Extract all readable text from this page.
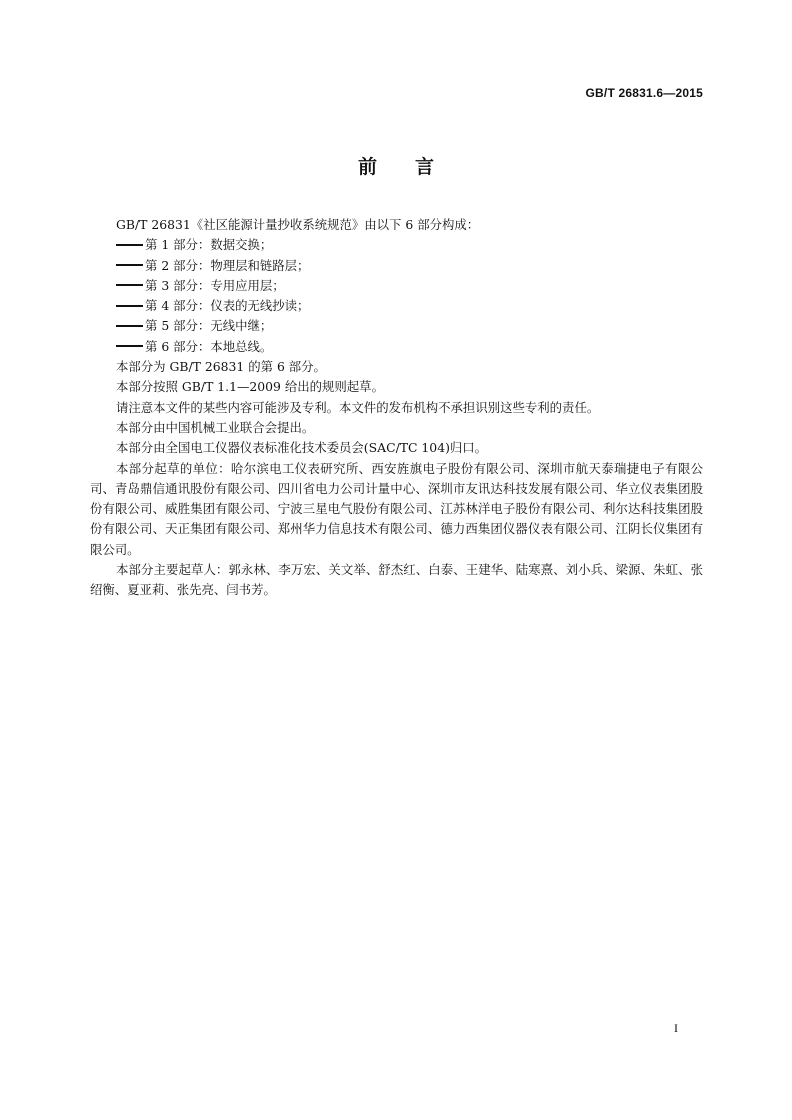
GB/T 26831.6—2015
前言

GB/T 26831《社区能源计量抄收系统规范》由以下 6 部分构成：

第 1 部分：数据交换；

第 2 部分：物理层和链路层；

第 3 部分：专用应用层；

第 4 部分：仪表的无线抄读；

第 5 部分：无线中继；

第 6 部分：本地总线。

本部分为 GB/T 26831 的第 6 部分。

本部分按照 GB/T 1.1—2009 给出的规则起草。

请注意本文件的某些内容可能涉及专利。本文件的发布机构不承担识别这些专利的责任。

本部分由中国机械工业联合会提出。

本部分由全国电工仪器仪表标准化技术委员会(SAC/TC 104)归口。

本部分起草的单位：哈尔滨电工仪表研究所、西安旌旗电子股份有限公司、深圳市航天泰瑞捷电子有限公司、青岛鼎信通讯股份有限公司、四川省电力公司计量中心、深圳市友讯达科技发展有限公司、华立仪表集团股份有限公司、威胜集团有限公司、宁波三星电气股份有限公司、江苏林洋电子股份有限公司、利尔达科技集团股份有限公司、天正集团有限公司、郑州华力信息技术有限公司、德力西集团仪器仪表有限公司、江阴长仪集团有限公司。

本部分主要起草人：郭永林、李万宏、关文举、舒杰红、白泰、王建华、陆寒熹、刘小兵、梁源、朱虹、张绍衡、夏亚莉、张先亮、闫书芳。

I
